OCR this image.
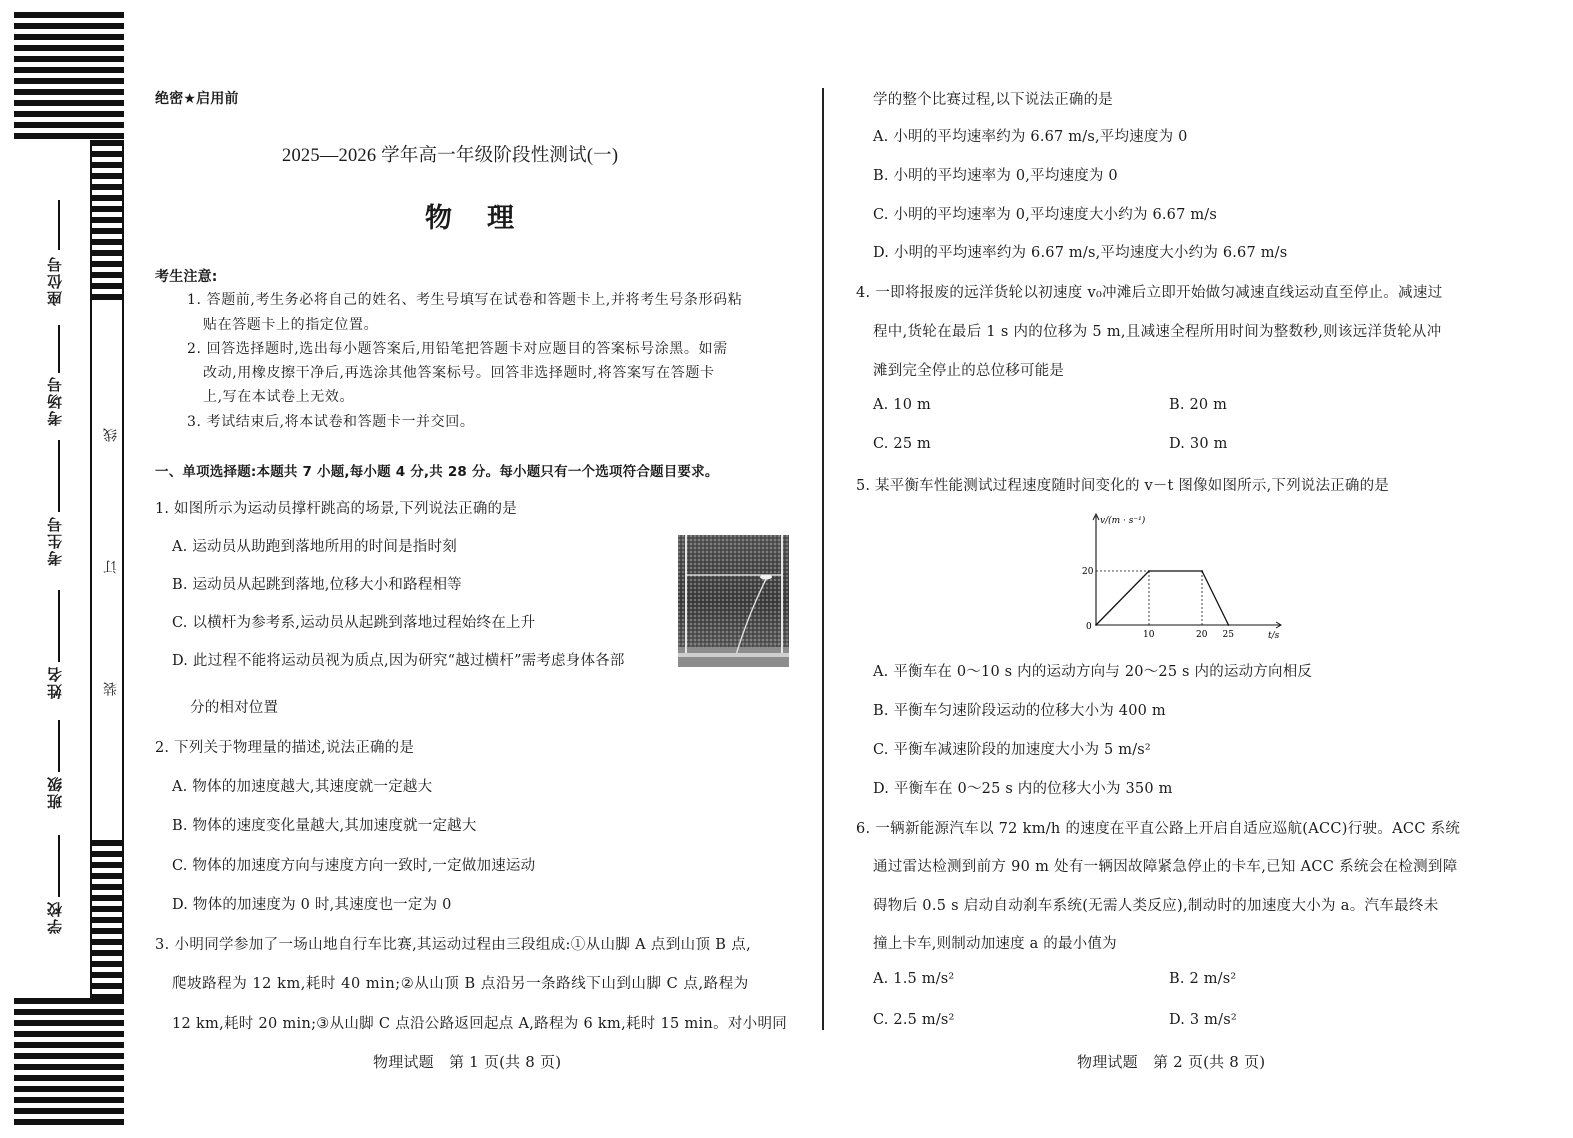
座位号
考场号
考生号
姓名
班级
学校
线
订
装
绝密★启用前
2025—2026 学年高一年级阶段性测试(一)
物　理
考生注意:
1. 答题前,考生务必将自己的姓名、考生号填写在试卷和答题卡上,并将考生号条形码粘
贴在答题卡上的指定位置。
2. 回答选择题时,选出每小题答案后,用铅笔把答题卡对应题目的答案标号涂黑。如需
改动,用橡皮擦干净后,再选涂其他答案标号。回答非选择题时,将答案写在答题卡
上,写在本试卷上无效。
3. 考试结束后,将本试卷和答题卡一并交回。
一、单项选择题:本题共 7 小题,每小题 4 分,共 28 分。每小题只有一个选项符合题目要求。
1. 如图所示为运动员撑杆跳高的场景,下列说法正确的是
A. 运动员从助跑到落地所用的时间是指时刻
B. 运动员从起跳到落地,位移大小和路程相等
C. 以横杆为参考系,运动员从起跳到落地过程始终在上升
D. 此过程不能将运动员视为质点,因为研究“越过横杆”需考虑身体各部
分的相对位置
2. 下列关于物理量的描述,说法正确的是
A. 物体的加速度越大,其速度就一定越大
B. 物体的速度变化量越大,其加速度就一定越大
C. 物体的加速度方向与速度方向一致时,一定做加速运动
D. 物体的加速度为 0 时,其速度也一定为 0
3. 小明同学参加了一场山地自行车比赛,其运动过程由三段组成:①从山脚 A 点到山顶 B 点,
爬坡路程为 12 km,耗时 40 min;②从山顶 B 点沿另一条路线下山到山脚 C 点,路程为
12 km,耗时 20 min;③从山脚 C 点沿公路返回起点 A,路程为 6 km,耗时 15 min。对小明同
物理试题　第 1 页(共 8 页)
学的整个比赛过程,以下说法正确的是
A. 小明的平均速率约为 6.67 m/s,平均速度为 0
B. 小明的平均速率为 0,平均速度为 0
C. 小明的平均速率为 0,平均速度大小约为 6.67 m/s
D. 小明的平均速率约为 6.67 m/s,平均速度大小约为 6.67 m/s
4. 一即将报废的远洋货轮以初速度 v₀冲滩后立即开始做匀减速直线运动直至停止。减速过
程中,货轮在最后 1 s 内的位移为 5 m,且减速全程所用时间为整数秒,则该远洋货轮从冲
滩到完全停止的总位移可能是
A. 10 m	B. 20 m
C. 25 m	D. 30 m
5. 某平衡车性能测试过程速度随时间变化的 v－t 图像如图所示,下列说法正确的是
v/(m · s⁻¹)
t/s
0
10	20 25
20
A. 平衡车在 0～10 s 内的运动方向与 20～25 s 内的运动方向相反
B. 平衡车匀速阶段运动的位移大小为 400 m
C. 平衡车减速阶段的加速度大小为 5 m/s²
D. 平衡车在 0～25 s 内的位移大小为 350 m
6. 一辆新能源汽车以 72 km/h 的速度在平直公路上开启自适应巡航(ACC)行驶。ACC 系统
通过雷达检测到前方 90 m 处有一辆因故障紧急停止的卡车,已知 ACC 系统会在检测到障
碍物后 0.5 s 启动自动刹车系统(无需人类反应),制动时的加速度大小为 a。汽车最终未
撞上卡车,则制动加速度 a 的最小值为
A. 1.5 m/s²	B. 2 m/s²
C. 2.5 m/s²	D. 3 m/s²
物理试题　第 2 页(共 8 页)
